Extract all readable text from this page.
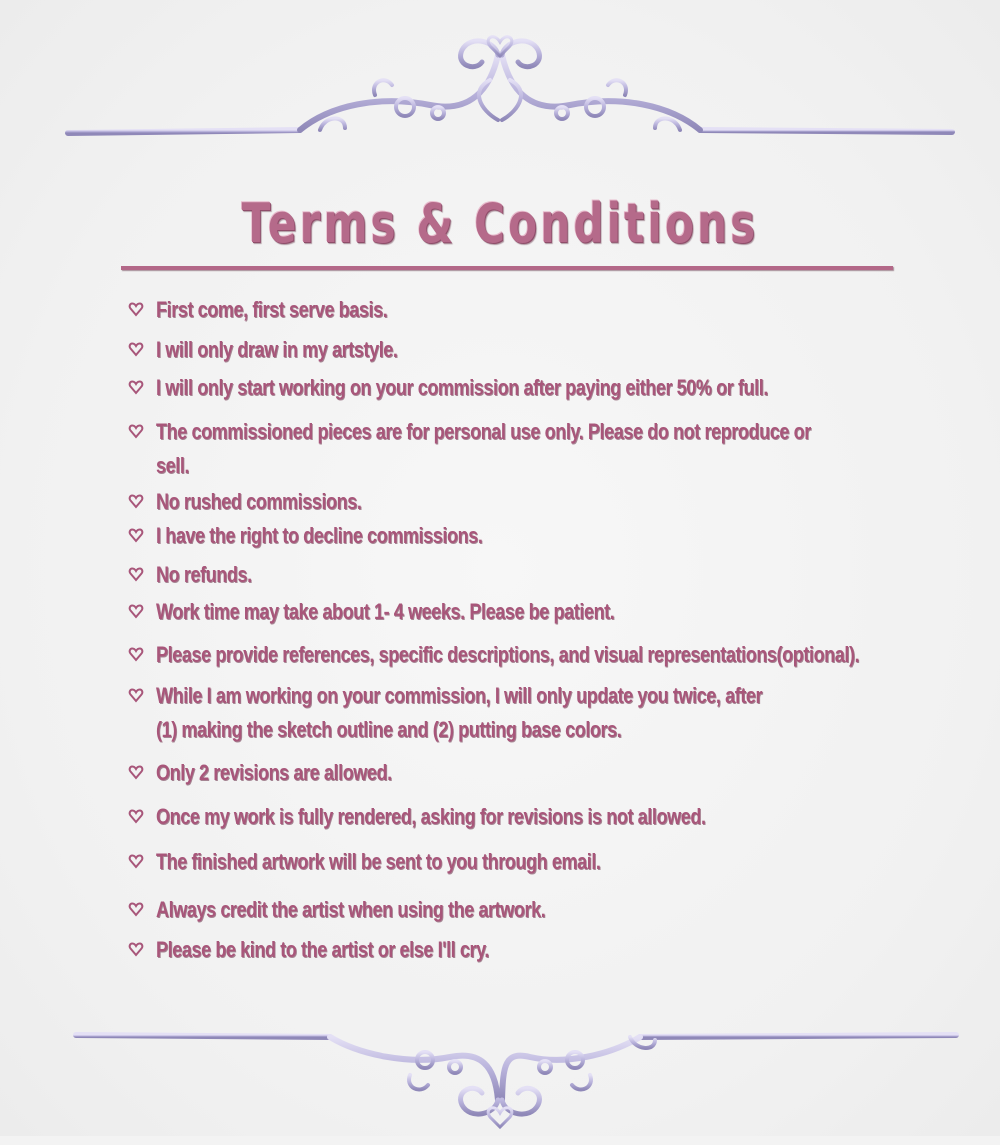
Terms & Conditions
First come, first serve basis.
I will only draw in my artstyle.
I will only start working on your commission after paying either 50% or full.
The commissioned pieces are for personal use only. Please do not reproduce or
sell.
No rushed commissions.
I have the right to decline commissions.
No refunds.
Work time may take about 1- 4 weeks. Please be patient.
Please provide references, specific descriptions, and visual representations(optional).
While I am working on your commission, I will only update you twice, after
(1) making the sketch outline and (2) putting base colors.
Only 2 revisions are allowed.
Once my work is fully rendered, asking for revisions is not allowed.
The finished artwork will be sent to you through email.
Always credit the artist when using the artwork.
Please be kind to the artist or else I'll cry.
